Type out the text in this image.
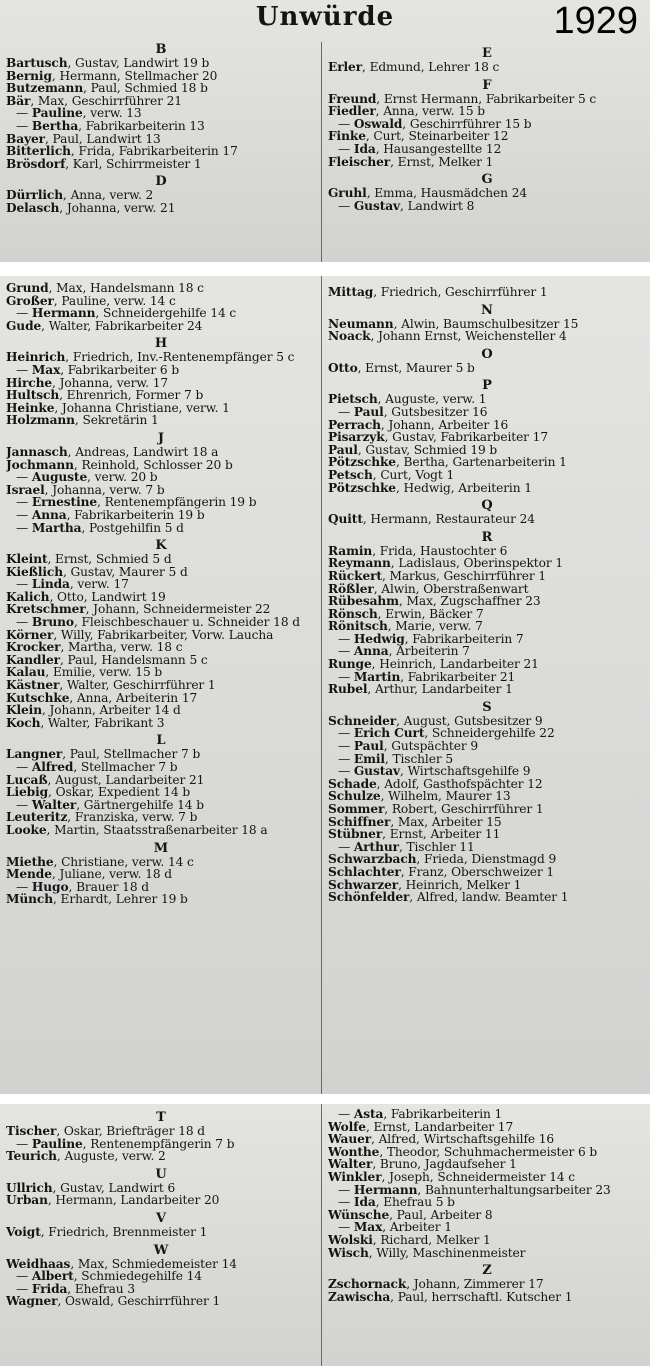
Unwürde	1929
B
Bartusch, Gustav, Landwirt 19 b
Bernig, Hermann, Stellmacher 20
Butzemann, Paul, Schmied 18 b
Bär, Max, Geschirrführer 21
— Pauline, verw. 13
— Bertha, Fabrikarbeiterin 13
Bayer, Paul, Landwirt 13
Bitterlich, Frida, Fabrikarbeiterin 17
Brösdorf, Karl, Schirrmeister 1
D
Dürrlich, Anna, verw. 2
Delasch, Johanna, verw. 21
E
Erler, Edmund, Lehrer 18 c
F
Freund, Ernst Hermann, Fabrikarbeiter 5 c
Fiedler, Anna, verw. 15 b
— Oswald, Geschirrführer 15 b
Finke, Curt, Steinarbeiter 12
— Ida, Hausangestellte 12
Fleischer, Ernst, Melker 1
G
Gruhl, Emma, Hausmädchen 24
— Gustav, Landwirt 8
Grund, Max, Handelsmann 18 c
Großer, Pauline, verw. 14 c
— Hermann, Schneidergehilfe 14 c
Gude, Walter, Fabrikarbeiter 24
H
Heinrich, Friedrich, Inv.-Rentenempfänger 5 c
— Max, Fabrikarbeiter 6 b
Hirche, Johanna, verw. 17
Hultsch, Ehrenrich, Former 7 b
Heinke, Johanna Christiane, verw. 1
Holzmann, Sekretärin 1
J
Jannasch, Andreas, Landwirt 18 a
Jochmann, Reinhold, Schlosser 20 b
— Auguste, verw. 20 b
Israel, Johanna, verw. 7 b
— Ernestine, Rentenempfängerin 19 b
— Anna, Fabrikarbeiterin 19 b
— Martha, Postgehilfin 5 d
K
Kleint, Ernst, Schmied 5 d
Kießlich, Gustav, Maurer 5 d
— Linda, verw. 17
Kalich, Otto, Landwirt 19
Kretschmer, Johann, Schneidermeister 22
— Bruno, Fleischbeschauer u. Schneider 18 d
Körner, Willy, Fabrikarbeiter, Vorw. Laucha
Krocker, Martha, verw. 18 c
Kandler, Paul, Handelsmann 5 c
Kalau, Emilie, verw. 15 b
Kästner, Walter, Geschirrführer 1
Kutschke, Anna, Arbeiterin 17
Klein, Johann, Arbeiter 14 d
Koch, Walter, Fabrikant 3
L
Langner, Paul, Stellmacher 7 b
— Alfred, Stellmacher 7 b
Lucaß, August, Landarbeiter 21
Liebig, Oskar, Expedient 14 b
— Walter, Gärtnergehilfe 14 b
Leuteritz, Franziska, verw. 7 b
Looke, Martin, Staatsstraßenarbeiter 18 a
M
Miethe, Christiane, verw. 14 c
Mende, Juliane, verw. 18 d
— Hugo, Brauer 18 d
Münch, Erhardt, Lehrer 19 b
Mittag, Friedrich, Geschirrführer 1
N
Neumann, Alwin, Baumschulbesitzer 15
Noack, Johann Ernst, Weichensteller 4
O
Otto, Ernst, Maurer 5 b
P
Pietsch, Auguste, verw. 1
— Paul, Gutsbesitzer 16
Perrach, Johann, Arbeiter 16
Pisarzyk, Gustav, Fabrikarbeiter 17
Paul, Gustav, Schmied 19 b
Pötzschke, Bertha, Gartenarbeiterin 1
Petsch, Curt, Vogt 1
Pötzschke, Hedwig, Arbeiterin 1
Q
Quitt, Hermann, Restaurateur 24
R
Ramin, Frida, Haustochter 6
Reymann, Ladislaus, Oberinspektor 1
Rückert, Markus, Geschirrführer 1
Rößler, Alwin, Oberstraßenwart
Rübesahm, Max, Zugschaffner 23
Rönsch, Erwin, Bäcker 7
Rönitsch, Marie, verw. 7
— Hedwig, Fabrikarbeiterin 7
— Anna, Arbeiterin 7
Runge, Heinrich, Landarbeiter 21
— Martin, Fabrikarbeiter 21
Rubel, Arthur, Landarbeiter 1
S
Schneider, August, Gutsbesitzer 9
— Erich Curt, Schneidergehilfe 22
— Paul, Gutspächter 9
— Emil, Tischler 5
— Gustav, Wirtschaftsgehilfe 9
Schade, Adolf, Gasthofspächter 12
Schulze, Wilhelm, Maurer 13
Sommer, Robert, Geschirrführer 1
Schiffner, Max, Arbeiter 15
Stübner, Ernst, Arbeiter 11
— Arthur, Tischler 11
Schwarzbach, Frieda, Dienstmagd 9
Schlachter, Franz, Oberschweizer 1
Schwarzer, Heinrich, Melker 1
Schönfelder, Alfred, landw. Beamter 1
T
Tischer, Oskar, Briefträger 18 d
— Pauline, Rentenempfängerin 7 b
Teurich, Auguste, verw. 2
U
Ullrich, Gustav, Landwirt 6
Urban, Hermann, Landarbeiter 20
V
Voigt, Friedrich, Brennmeister 1
W
Weidhaas, Max, Schmiedemeister 14
— Albert, Schmiedegehilfe 14
— Frida, Ehefrau 3
Wagner, Oswald, Geschirrführer 1
— Asta, Fabrikarbeiterin 1
Wolfe, Ernst, Landarbeiter 17
Wauer, Alfred, Wirtschaftsgehilfe 16
Wonthe, Theodor, Schuhmachermeister 6 b
Walter, Bruno, Jagdaufseher 1
Winkler, Joseph, Schneidermeister 14 c
— Hermann, Bahnunterhaltungsarbeiter 23
— Ida, Ehefrau 5 b
Wünsche, Paul, Arbeiter 8
— Max, Arbeiter 1
Wolski, Richard, Melker 1
Wisch, Willy, Maschinenmeister
Z
Zschornack, Johann, Zimmerer 17
Zawischa, Paul, herrschaftl. Kutscher 1
